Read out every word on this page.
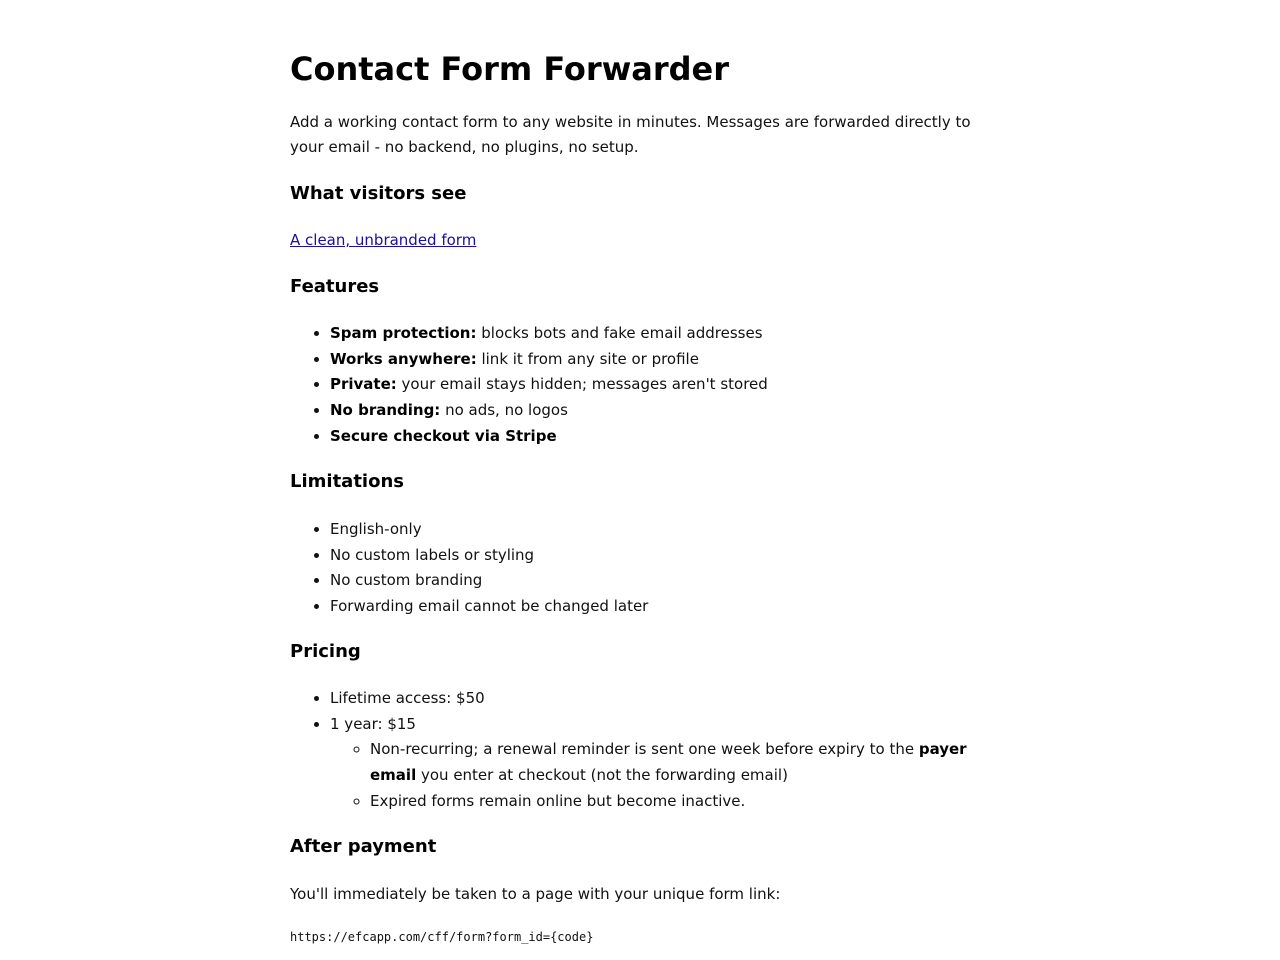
Contact Form Forwarder

Add a working contact form to any website in minutes. Messages are forwarded directly to your email - no backend, no plugins, no setup.

What visitors see
A clean, unbranded form
Features
• Spam protection: blocks bots and fake email addresses
• Works anywhere: link it from any site or profile
• Private: your email stays hidden; messages aren't stored
• No branding: no ads, no logos
• Secure checkout via Stripe
Limitations
• English-only
• No custom labels or styling
• No custom branding
• Forwarding email cannot be changed later
Pricing
• Lifetime access: $50
• 1 year: $15
◦ Non-recurring; a renewal reminder is sent one week before expiry to the payer email you enter at checkout (not the forwarding email)
◦ Expired forms remain online but become inactive.
After payment

You'll immediately be taken to a page with your unique form link:

https://efcapp.com/cff/form?form_id={code}
